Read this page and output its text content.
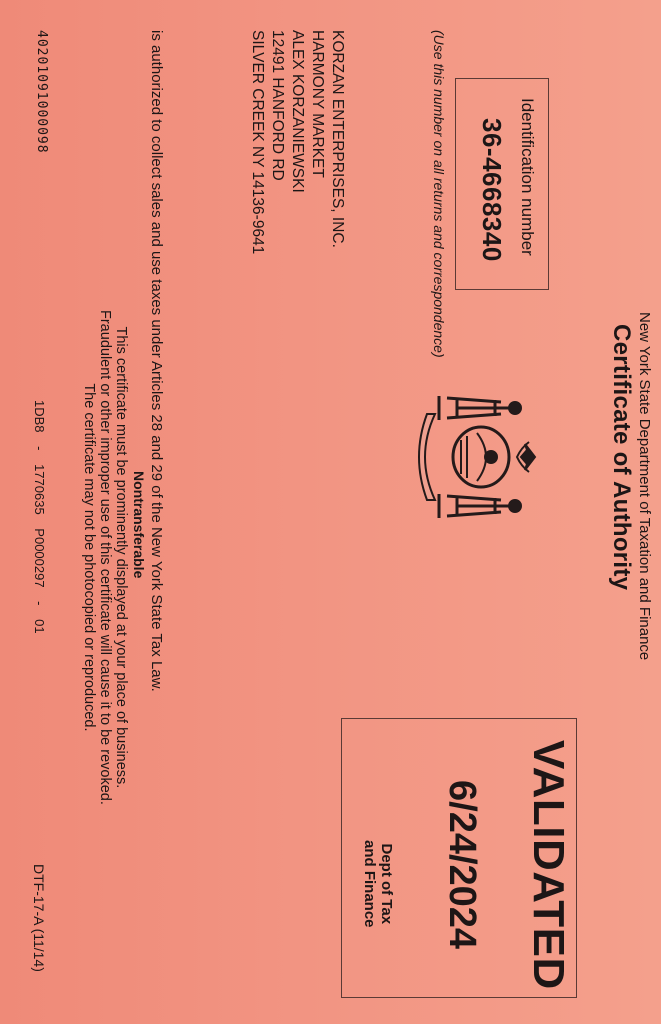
New York State Department of Taxation and Finance
Certificate of Authority
Identification number
36-4668340
(Use this number on all returns and correspondence)
KORZAN ENTERPRISES, INC.
HARMONY MARKET
ALEX KORZANIEWSKI
12491 HANFORD RD
SILVER CREEK NY 14136-9641
VALIDATED
6/24/2024
Dept of Tax
and Finance
is authorized to collect sales and use taxes under Articles 28 and 29 of the New York State Tax Law.
Nontransferable
This certificate must be prominently displayed at your place of business.
Fraudulent or other improper use of this certificate will cause it to be revoked.
The certificate may not be photocopied or reproduced.
40201091000098
1DB8 - 1770635 P0000297 - 01
DTF-17-A (11/14)
